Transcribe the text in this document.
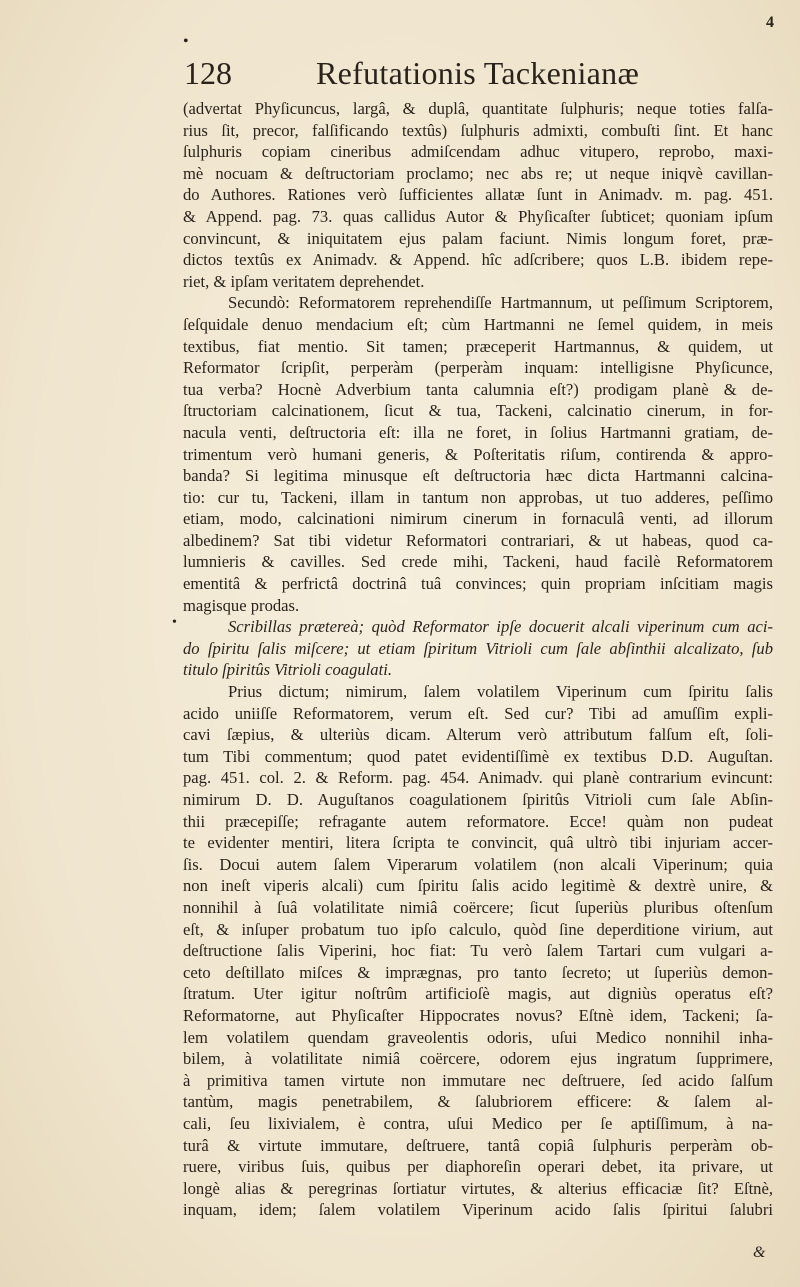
4
•
128	Refutationis Tackenianæ
•
(advertat Phyſicuncus, largâ, & duplâ, quantitate ſulphuris; neque toties falſa-
rius ſit, precor, falſificando textûs) ſulphuris admixti, combuſti ſint. Et hanc
ſulphuris copiam cineribus admiſcendam adhuc vitupero, reprobo, maxi-
mè nocuam & deſtructoriam proclamo; nec abs re; ut neque iniqvè cavillan-
do Authores. Rationes verò ſufficientes allatæ ſunt in Animadv. m. pag. 451.
& Append. pag. 73. quas callidus Autor & Phyſicaſter ſubticet; quoniam ipſum
convincunt, & iniquitatem ejus palam faciunt. Nimis longum foret, præ-
dictos textûs ex Animadv. & Append. hîc adſcribere; quos L.B. ibidem repe-
riet, & ipſam veritatem deprehendet.
Secundò: Reformatorem reprehendiſſe Hartmannum, ut peſſimum Scriptorem,
ſeſquidale denuo mendacium eſt; cùm Hartmanni ne ſemel quidem, in meis
textibus, fiat mentio. Sit tamen; præceperit Hartmannus, & quidem, ut
Reformator ſcripſit, perperàm (perperàm inquam: intelligisne Phyſicunce,
tua verba? Hocnè Adverbium tanta calumnia eſt?) prodigam planè & de-
ſtructoriam calcinationem, ſicut & tua, Tackeni, calcinatio cinerum, in for-
nacula venti, deſtructoria eſt: illa ne foret, in ſolius Hartmanni gratiam, de-
trimentum verò humani generis, & Poſteritatis riſum, contirenda & appro-
banda? Si legitima minusque eſt deſtructoria hæc dicta Hartmanni calcina-
tio: cur tu, Tackeni, illam in tantum non approbas, ut tuo adderes, peſſimo
etiam, modo, calcinationi nimirum cinerum in fornaculâ venti, ad illorum
albedinem? Sat tibi videtur Reformatori contrariari, & ut habeas, quod ca-
lumnieris & cavilles. Sed crede mihi, Tackeni, haud facilè Reformatorem
ementitâ & perfrictâ doctrinâ tuâ convinces; quin propriam inſcitiam magis
magisque prodas.
Scribillas prætereà; quòd Reformator ipſe docuerit alcali viperinum cum aci-
do ſpiritu ſalis miſcere; ut etiam ſpiritum Vitrioli cum ſale abſinthii alcalizato, ſub
titulo ſpiritûs Vitrioli coagulati.
Prius dictum; nimirum, ſalem volatilem Viperinum cum ſpiritu ſalis
acido uniiſſe Reformatorem, verum eſt. Sed cur? Tibi ad amuſſim expli-
cavi ſæpius, & ulteriùs dicam. Alterum verò attributum falſum eſt, ſoli-
tum Tibi commentum; quod patet evidentiſſimè ex textibus D.D. Auguſtan.
pag. 451. col. 2. & Reform. pag. 454. Animadv. qui planè contrarium evincunt:
nimirum D. D. Auguſtanos coagulationem ſpiritûs Vitrioli cum ſale Abſin-
thii præcepiſſe; refragante autem reformatore. Ecce! quàm non pudeat
te evidenter mentiri, litera ſcripta te convincit, quâ ultrò tibi injuriam accer-
ſis. Docui autem ſalem Viperarum volatilem (non alcali Viperinum; quia
non ineſt viperis alcali) cum ſpiritu ſalis acido legitimè & dextrè unire, &
nonnihil à ſuâ volatilitate nimiâ coërcere; ſicut ſuperiùs pluribus oſtenſum
eſt, & inſuper probatum tuo ipſo calculo, quòd ſine deperditione virium, aut
deſtructione ſalis Viperini, hoc fiat: Tu verò ſalem Tartari cum vulgari a-
ceto deſtillato miſces & imprægnas, pro tanto ſecreto; ut ſuperiùs demon-
ſtratum. Uter igitur noſtrûm artificioſè magis, aut digniùs operatus eſt?
Reformatorne, aut Phyſicaſter Hippocrates novus? Eſtnè idem, Tackeni; ſa-
lem volatilem quendam graveolentis odoris, uſui Medico nonnihil inha-
bilem, à volatilitate nimiâ coërcere, odorem ejus ingratum ſupprimere,
à primitiva tamen virtute non immutare nec deſtruere, ſed acido ſalſum
tantùm, magis penetrabilem, & ſalubriorem efficere: & ſalem al-
cali, ſeu lixivialem, è contra, uſui Medico per ſe aptiſſimum, à na-
turâ & virtute immutare, deſtruere, tantâ copiâ ſulphuris perperàm ob-
ruere, viribus ſuis, quibus per diaphoreſin operari debet, ita privare, ut
longè alias & peregrinas ſortiatur virtutes, & alterius efficaciæ ſit? Eſtnè,
inquam, idem; ſalem volatilem Viperinum acido ſalis ſpiritui ſalubri
&
